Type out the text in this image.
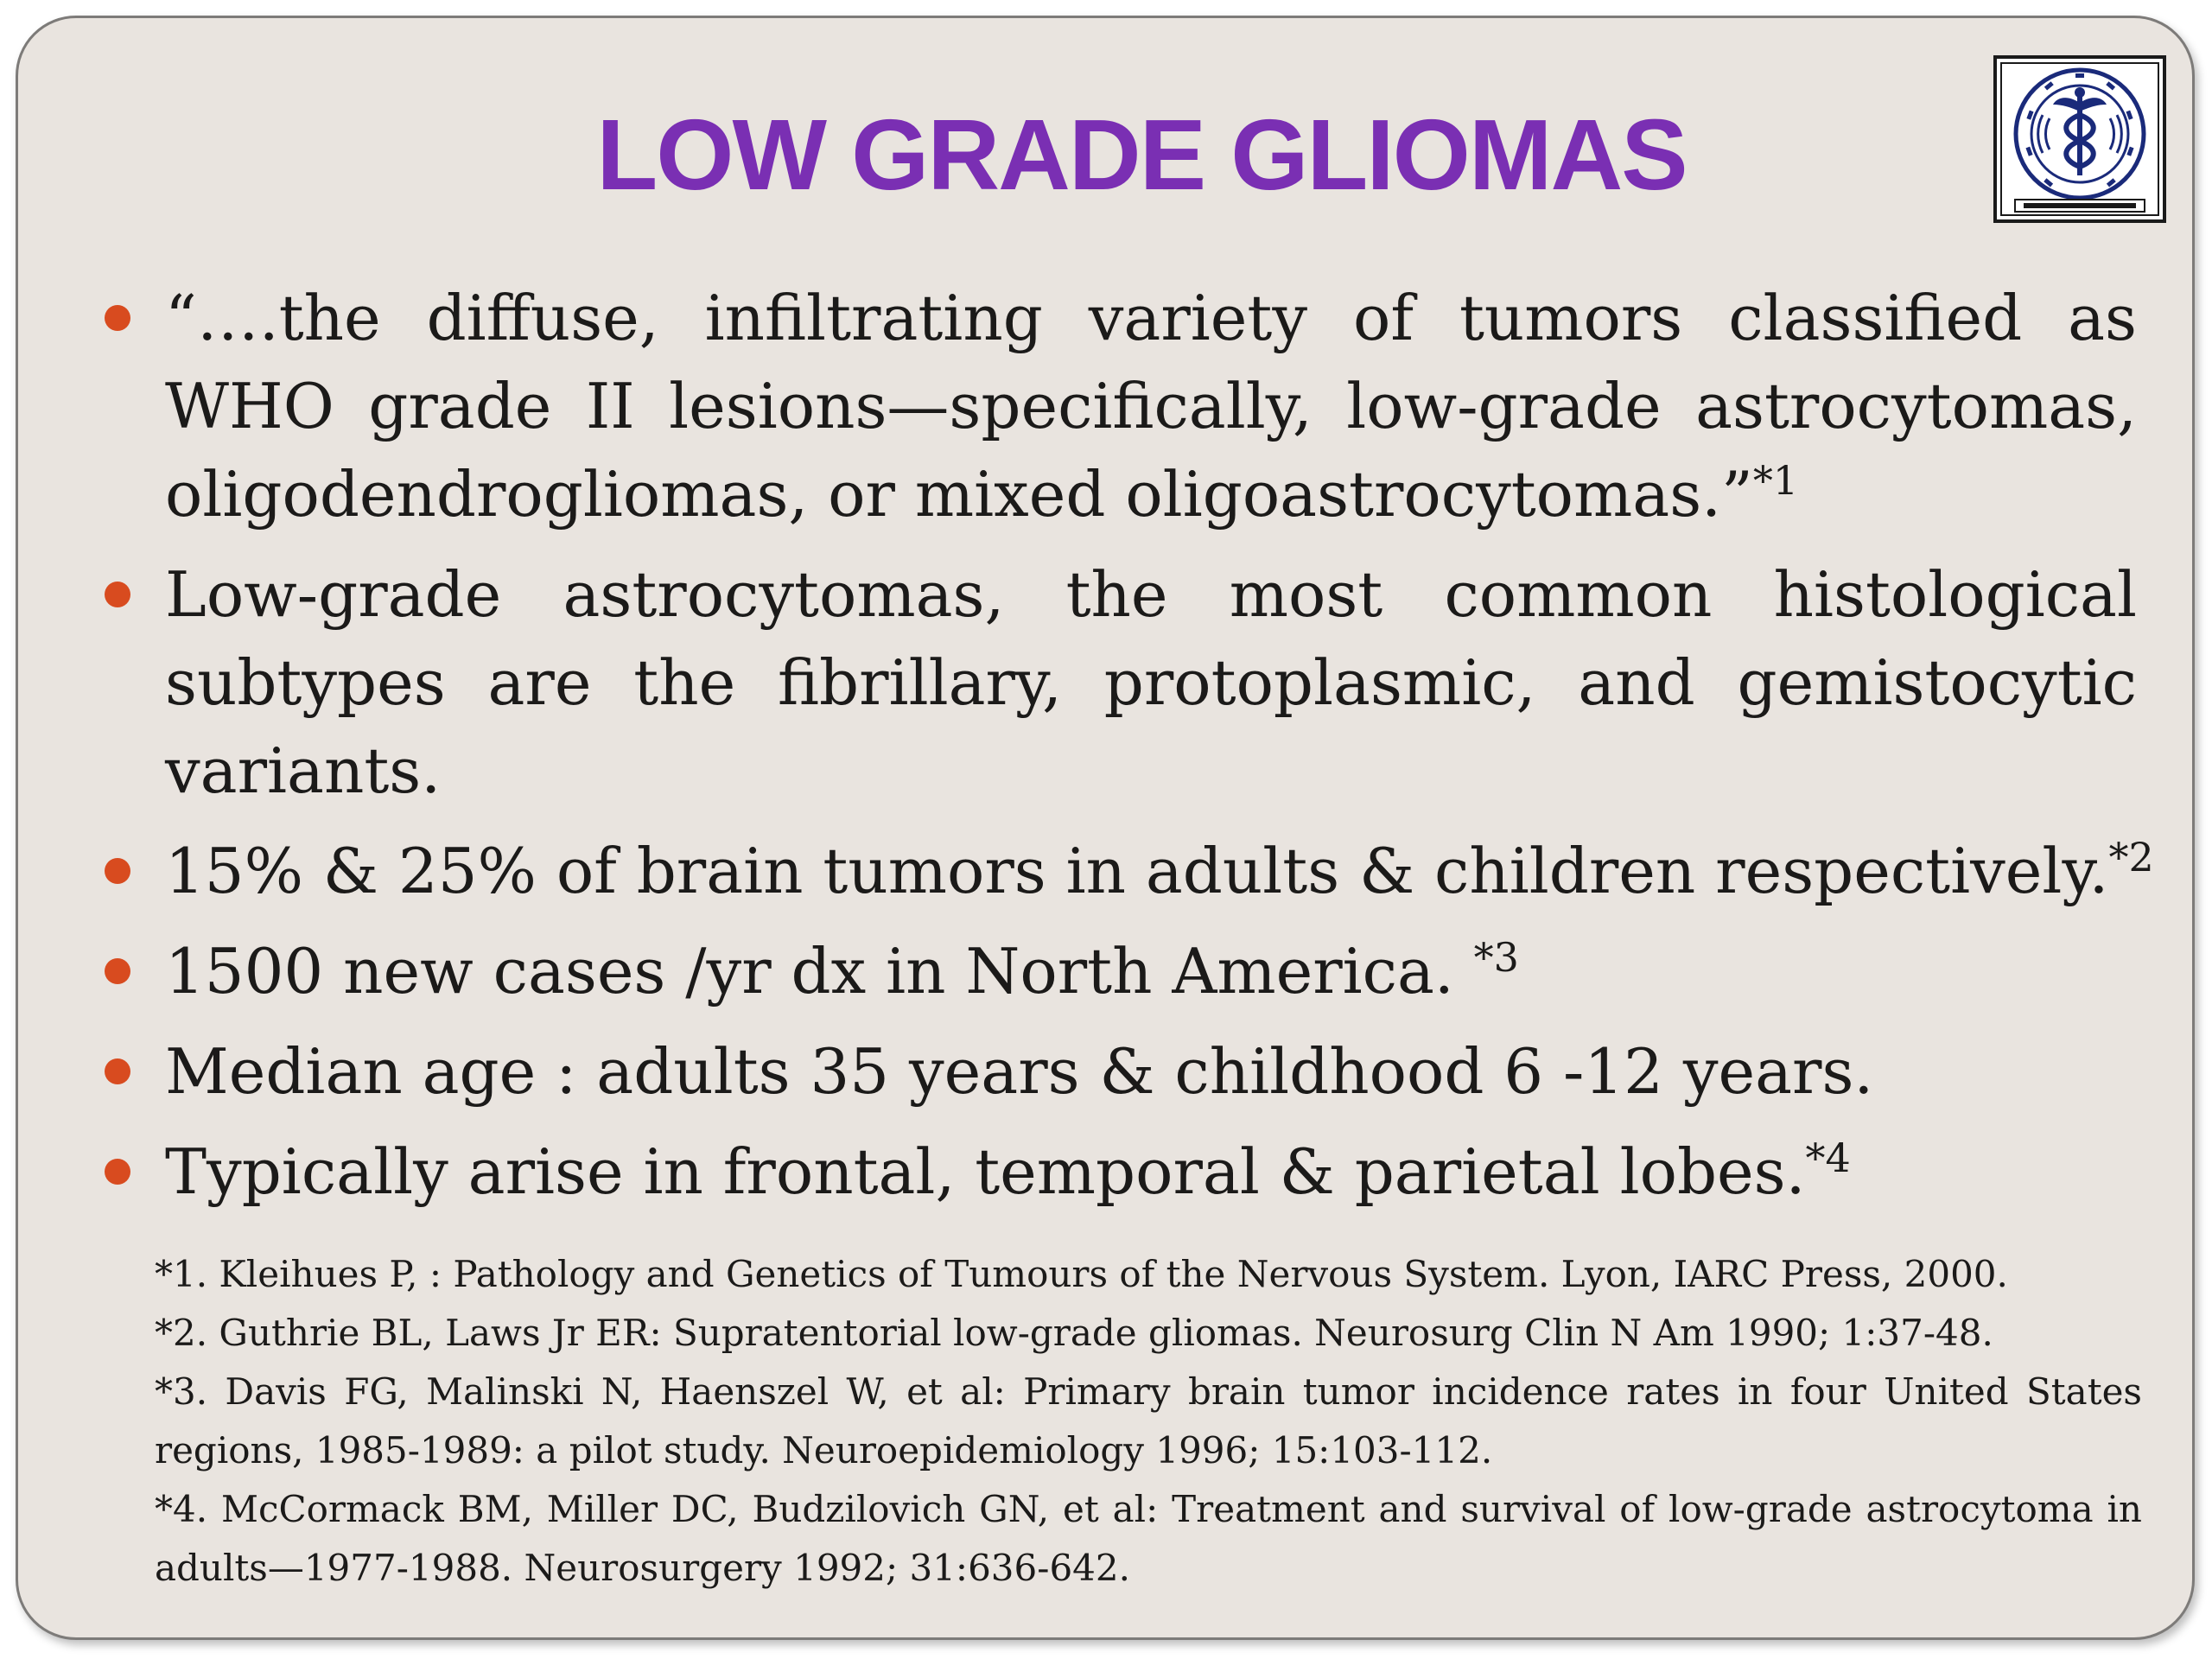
LOW GRADE GLIOMAS
“….the diffuse, infiltrating variety of tumors classified as WHO grade II lesions—specifically, low-grade astrocytomas, oligodendrogliomas, or mixed oligoastrocytomas.”$^{*1}$
Low-grade astrocytomas, the most common histological subtypes are the fibrillary, protoplasmic, and gemistocytic variants.
15% & 25% of brain tumors in adults & children respectively.$^{*2}$
1500 new cases /yr dx in North America. $^{*3}$
Median age : adults 35 years & childhood 6 -12 years.
Typically arise in frontal, temporal & parietal lobes.$^{*4}$

*1. Kleihues P, : Pathology and Genetics of Tumours of the Nervous System. Lyon, IARC Press, 2000.

*2. Guthrie BL, Laws Jr ER: Supratentorial low-grade gliomas. Neurosurg Clin N Am 1990; 1:37-48.

*3. Davis FG, Malinski N, Haenszel W, et al: Primary brain tumor incidence rates in four United States regions, 1985-1989: a pilot study. Neuroepidemiology 1996; 15:103-112.

*4. McCormack BM, Miller DC, Budzilovich GN, et al: Treatment and survival of low-grade astrocytoma in adults—1977-1988. Neurosurgery 1992; 31:636-642.
